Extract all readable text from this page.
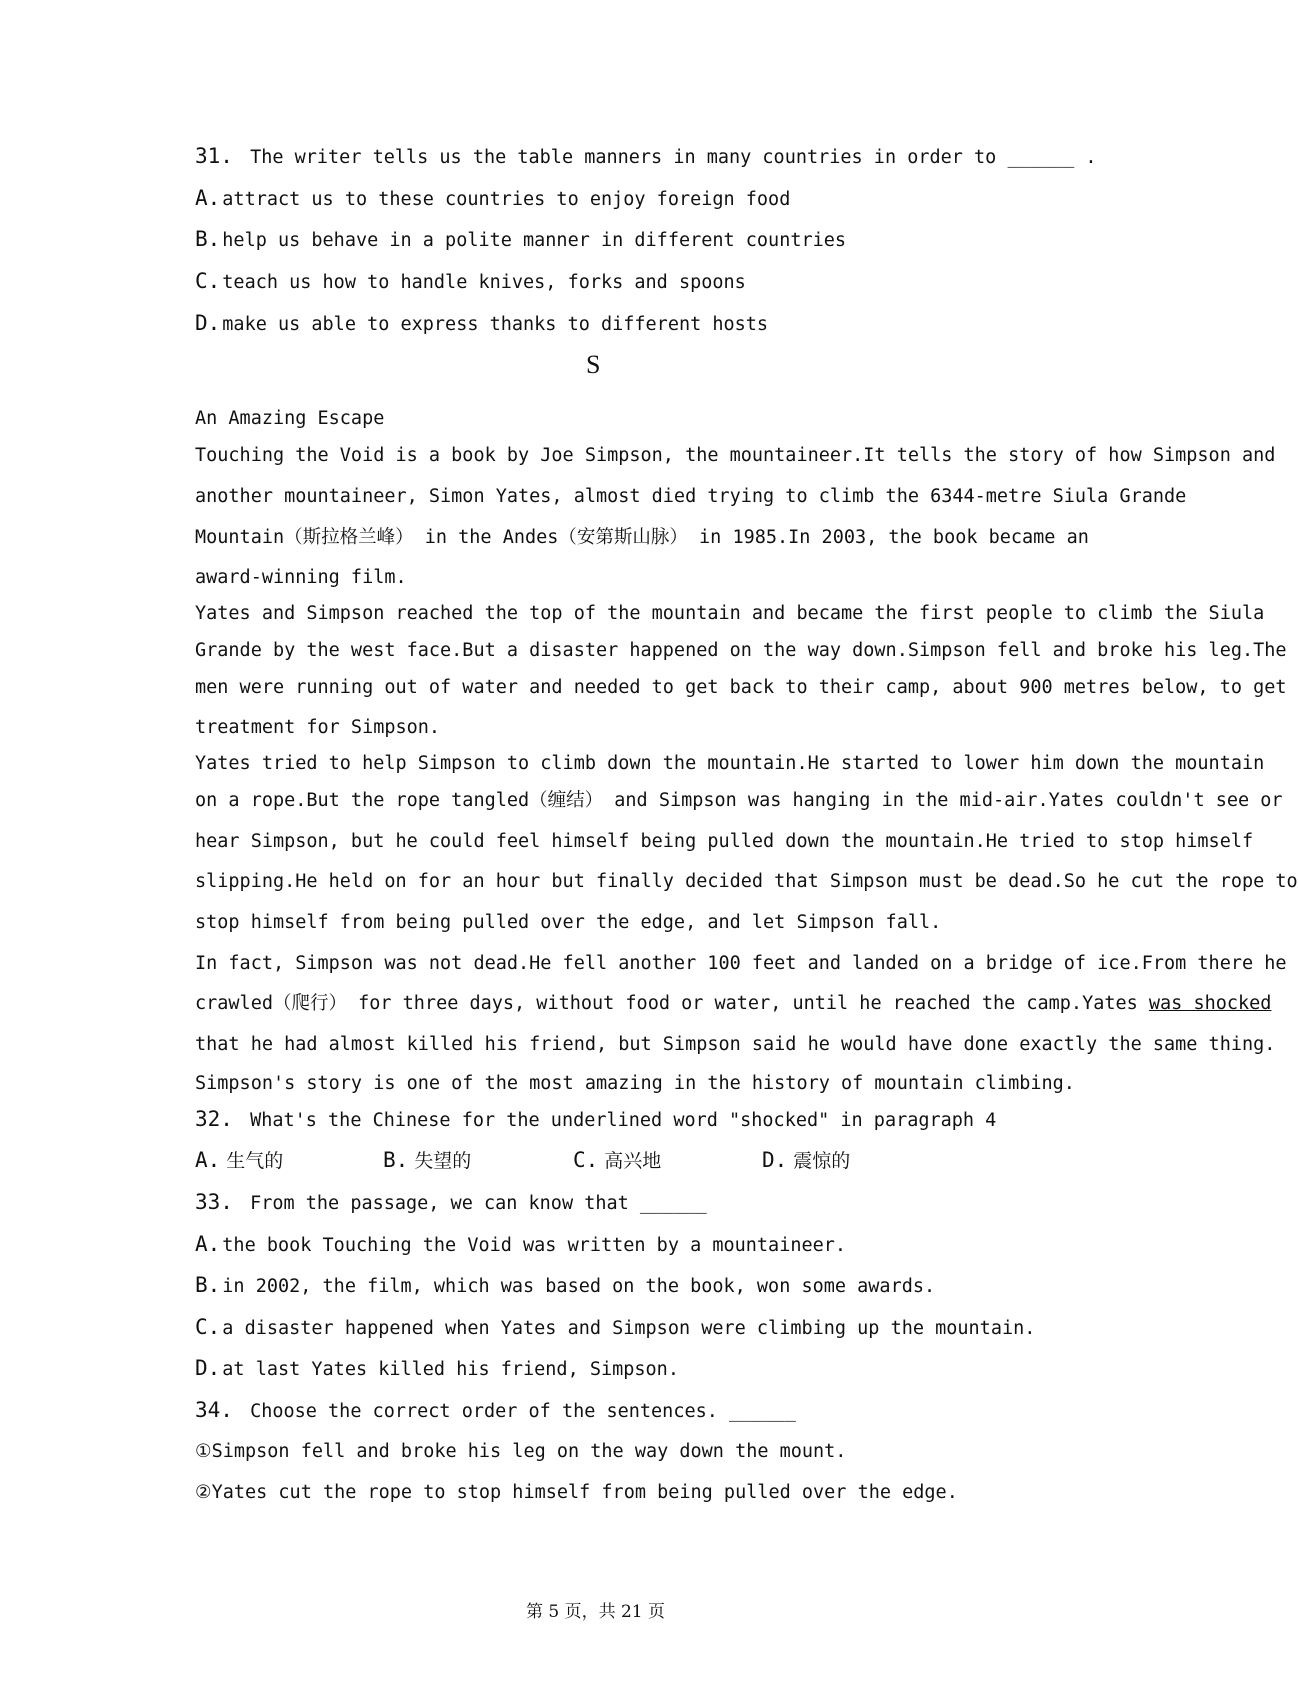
31. The writer tells us the table manners in many countries in order to ______ .
A. attract us to these countries to enjoy foreign food
B. help us behave in a polite manner in different countries
C. teach us how to handle knives, forks and spoons
D. make us able to express thanks to different hosts
S
An Amazing Escape
Touching the Void is a book by Joe Simpson, the mountaineer.It tells the story of how Simpson and
another mountaineer, Simon Yates, almost died trying to climb the 6344-metre Siula Grande
Mountain（斯拉格兰峰） in the Andes（安第斯山脉） in 1985.In 2003, the book became an
award-winning film.
Yates and Simpson reached the top of the mountain and became the first people to climb the Siula
Grande by the west face.But a disaster happened on the way down.Simpson fell and broke his leg.The
men were running out of water and needed to get back to their camp, about 900 metres below, to get
treatment for Simpson.
Yates tried to help Simpson to climb down the mountain.He started to lower him down the mountain
on a rope.But the rope tangled（缠结） and Simpson was hanging in the mid-air.Yates couldn't see or
hear Simpson, but he could feel himself being pulled down the mountain.He tried to stop himself
slipping.He held on for an hour but finally decided that Simpson must be dead.So he cut the rope to
stop himself from being pulled over the edge, and let Simpson fall.
In fact, Simpson was not dead.He fell another 100 feet and landed on a bridge of ice.From there he
crawled（爬行） for three days, without food or water, until he reached the camp.Yates was shocked
that he had almost killed his friend, but Simpson said he would have done exactly the same thing.
Simpson's story is one of the most amazing in the history of mountain climbing.
32. What's the Chinese for the underlined word "shocked" in paragraph 4
A. 生气的	B. 失望的	C. 高兴地	D. 震惊的
33. From the passage, we can know that ______
A. the book Touching the Void was written by a mountaineer.
B. in 2002, the film, which was based on the book, won some awards.
C. a disaster happened when Yates and Simpson were climbing up the mountain.
D. at last Yates killed his friend, Simpson.
34. Choose the correct order of the sentences. ______
①Simpson fell and broke his leg on the way down the mount.
②Yates cut the rope to stop himself from being pulled over the edge.
第 5 页，共 21 页
